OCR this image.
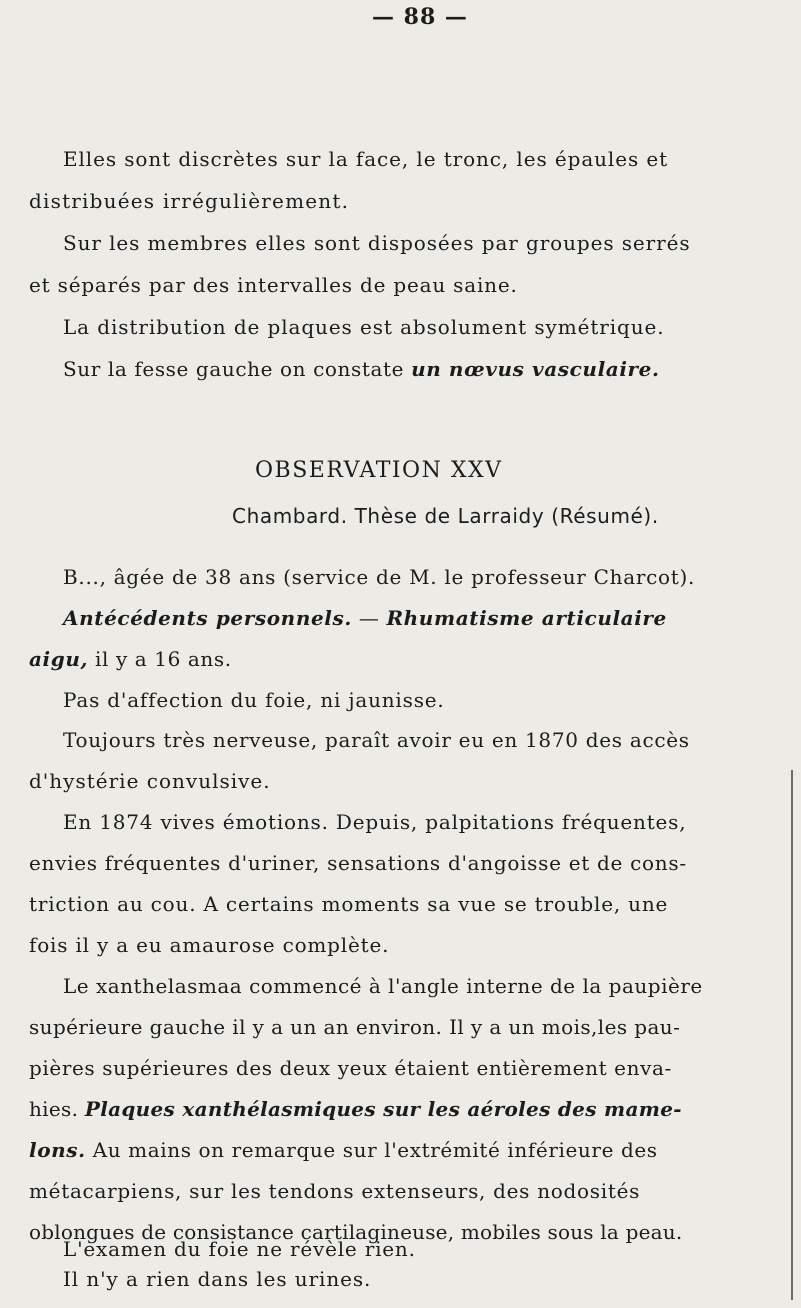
— 88 —
Elles sont discrètes sur la face, le tronc, les épaules et
distribuées irrégulièrement.
Sur les membres elles sont disposées par groupes serrés
et séparés par des intervalles de peau saine.
La distribution de plaques est absolument symétrique.
Sur la fesse gauche on constate un nœvus vasculaire.
OBSERVATION XXV
Chambard. Thèse de Larraidy (Résumé).
B..., âgée de 38 ans (service de M. le professeur Charcot).
Antécédents personnels. — Rhumatisme articulaire
aigu, il y a 16 ans.
Pas d'affection du foie, ni jaunisse.
Toujours très nerveuse, paraît avoir eu en 1870 des accès
d'hystérie convulsive.
En 1874 vives émotions. Depuis, palpitations fréquentes,
envies fréquentes d'uriner, sensations d'angoisse et de cons-
triction au cou. A certains moments sa vue se trouble, une
fois il y a eu amaurose complète.
Le xanthelasmaa commencé à l'angle interne de la paupière
supérieure gauche il y a un an environ. Il y a un mois,les pau-
pières supérieures des deux yeux étaient entièrement enva-
hies. Plaques xanthélasmiques sur les aéroles des mame-
lons. Au mains on remarque sur l'extrémité inférieure des
métacarpiens, sur les tendons extenseurs, des nodosités
oblongues de consistance cartilagineuse, mobiles sous la peau.
L'examen du foie ne révèle rien.
Il n'y a rien dans les urines.
